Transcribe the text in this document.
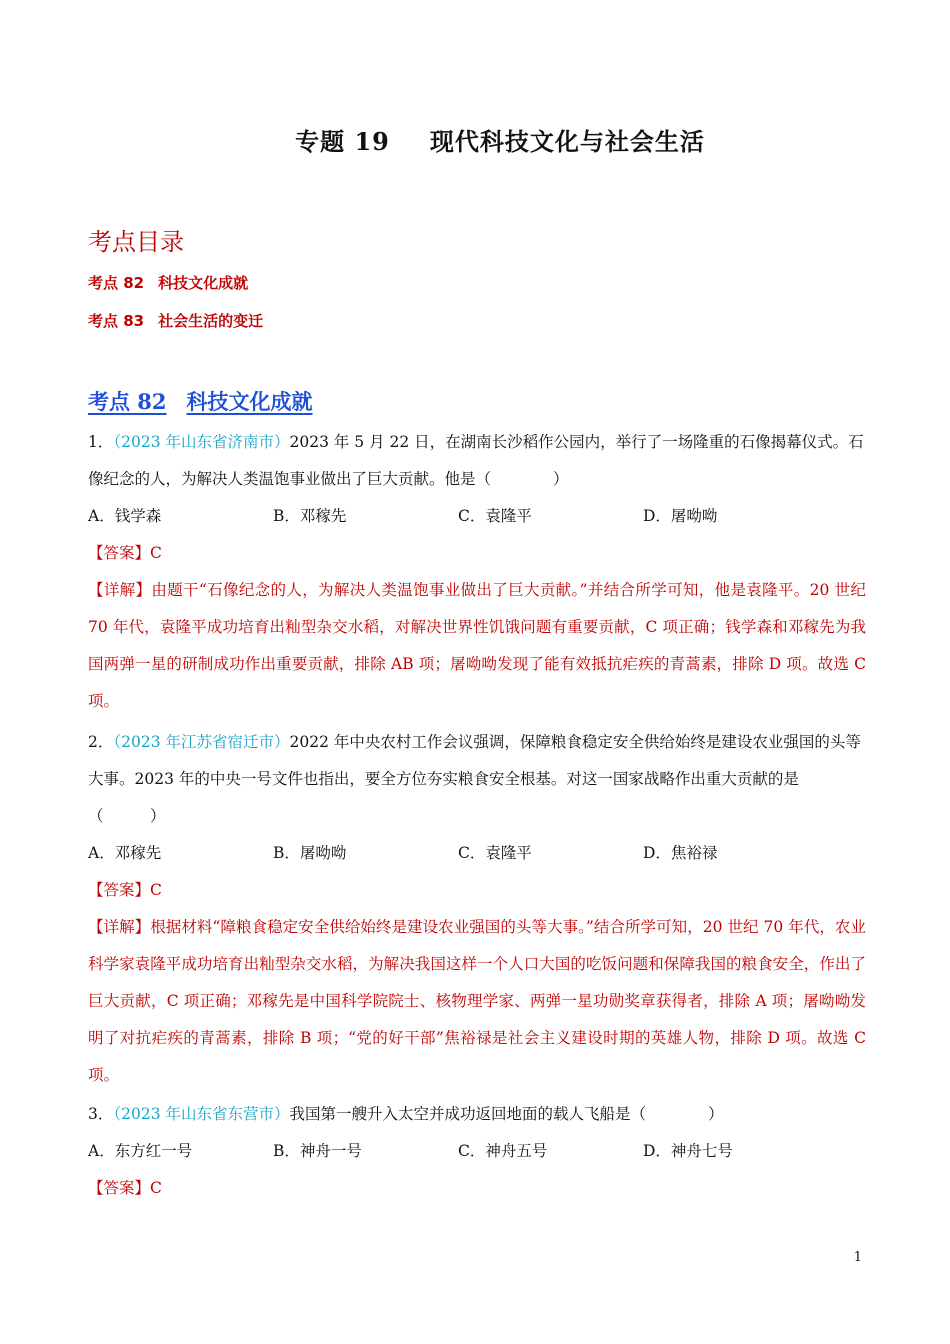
专题 19 现代科技文化与社会生活
考点目录
考点 82 科技文化成就
考点 83 社会生活的变迁
考点 82 科技文化成就
1．（2023 年山东省济南市）2023 年 5 月 22 日，在湖南长沙稻作公园内，举行了一场隆重的石像揭幕仪式。石像纪念的人，为解决人类温饱事业做出了巨大贡献。他是（　　　　）
A．钱学森	B．邓稼先	C．袁隆平	D．屠呦呦
【答案】C
【详解】由题干“石像纪念的人，为解决人类温饱事业做出了巨大贡献。”并结合所学可知，他是袁隆平。20 世纪 70 年代，袁隆平成功培育出籼型杂交水稻，对解决世界性饥饿问题有重要贡献，C 项正确；钱学森和邓稼先为我国两弹一星的研制成功作出重要贡献，排除 AB 项；屠呦呦发现了能有效抵抗疟疾的青蒿素，排除 D 项。故选 C 项。
2．（2023 年江苏省宿迁市）2022 年中央农村工作会议强调，保障粮食稳定安全供给始终是建设农业强国的头等大事。2023 年的中央一号文件也指出，要全方位夯实粮食安全根基。对这一国家战略作出重大贡献的是（　　　）
A．邓稼先	B．屠呦呦	C．袁隆平	D．焦裕禄
【答案】C
【详解】根据材料“障粮食稳定安全供给始终是建设农业强国的头等大事。”结合所学可知，20 世纪 70 年代，农业科学家袁隆平成功培育出籼型杂交水稻，为解决我国这样一个人口大国的吃饭问题和保障我国的粮食安全，作出了巨大贡献，C 项正确；邓稼先是中国科学院院士、核物理学家、两弹一星功勋奖章获得者，排除 A 项；屠呦呦发明了对抗疟疾的青蒿素，排除 B 项；“党的好干部”焦裕禄是社会主义建设时期的英雄人物，排除 D 项。故选 C 项。
3．（2023 年山东省东营市）我国第一艘升入太空并成功返回地面的载人飞船是（　　　　）
A．东方红一号	B．神舟一号	C．神舟五号	D．神舟七号
【答案】C
1
